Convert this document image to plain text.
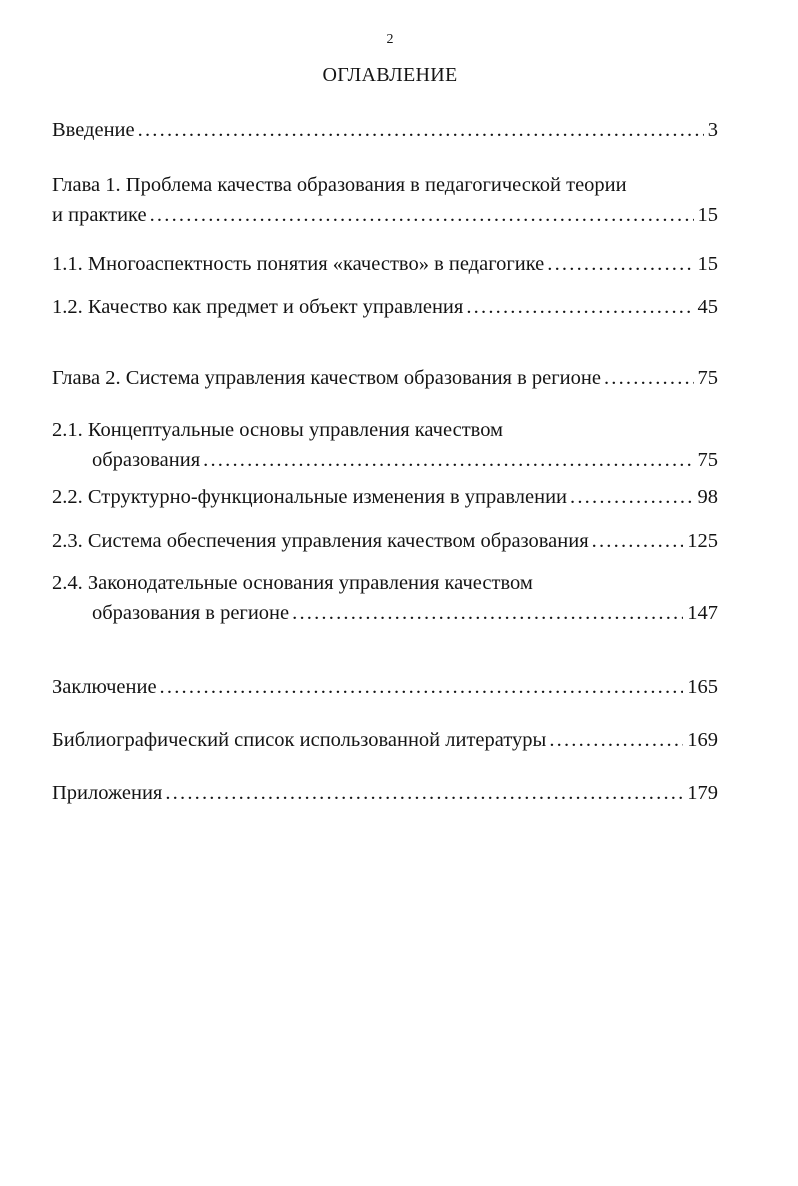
2
ОГЛАВЛЕНИЕ
Введение .....	3
Глава 1. Проблема качества образования в педагогической теории
и практике .....	15
1.1. Многоаспектность понятия «качество» в педагогике .....	15
1.2. Качество как предмет и объект управления .....	45
Глава 2. Система управления качеством образования в регионе .....	75
2.1. Концептуальные основы управления качеством
образования .....	75
2.2. Структурно-функциональные изменения в управлении .....	98
2.3. Система обеспечения управления качеством образования .....	125
2.4. Законодательные основания управления качеством
образования в регионе .....	147
Заключение .....	165
Библиографический список использованной литературы .....	169
Приложения .....	179
